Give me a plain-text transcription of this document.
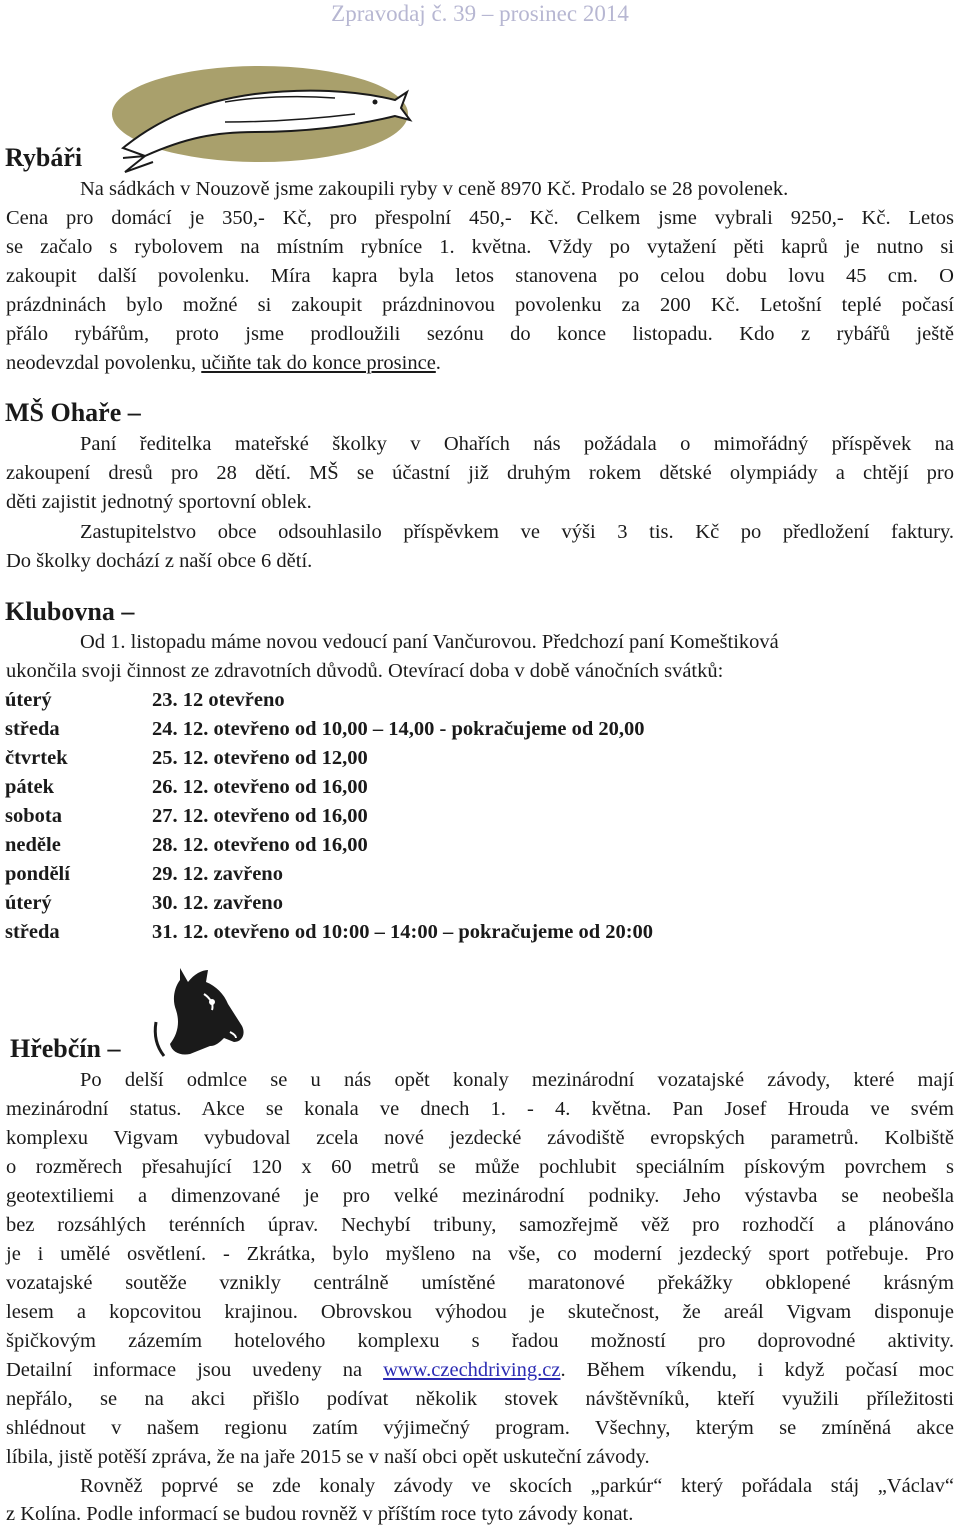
Zpravodaj č. 39 – prosinec 2014
Rybáři
Na sádkách v Nouzově jsme zakoupili ryby v ceně 8970 Kč. Prodalo se 28 povolenek.
Cena pro domácí je 350,- Kč, pro přespolní 450,- Kč. Celkem jsme vybrali 9250,- Kč. Letos
se začalo s rybolovem na místním rybníce 1. května. Vždy po vytažení pěti kaprů je nutno si
zakoupit další povolenku. Míra kapra byla letos stanovena po celou dobu lovu 45 cm. O
prázdninách bylo možné si zakoupit prázdninovou povolenku za 200 Kč. Letošní teplé počasí
přálo rybářům, proto jsme prodloužili sezónu do konce listopadu. Kdo z rybářů ještě
neodevzdal povolenku, učiňte tak do konce prosince.
MŠ Ohaře –
Paní ředitelka mateřské školky v Ohařích nás požádala o mimořádný příspěvek na
zakoupení dresů pro 28 dětí. MŠ se účastní již druhým rokem dětské olympiády a chtějí pro
děti zajistit jednotný sportovní oblek.
Zastupitelstvo obce odsouhlasilo příspěvkem ve výši 3 tis. Kč po předložení faktury.
Do školky dochází z naší obce 6 dětí.
Klubovna –
Od 1. listopadu máme novou vedoucí paní Vančurovou. Předchozí paní Komeštiková
ukončila svoji činnost ze zdravotních důvodů. Otevírací doba v době vánočních svátků:
úterý	23. 12 otevřeno
středa	24. 12. otevřeno od 10,00 – 14,00 - pokračujeme od 20,00
čtvrtek	25. 12. otevřeno od 12,00
pátek	26. 12. otevřeno od 16,00
sobota	27. 12. otevřeno od 16,00
neděle	28. 12. otevřeno od 16,00
pondělí	29. 12. zavřeno
úterý	30. 12. zavřeno
středa	31. 12. otevřeno od 10:00 – 14:00 – pokračujeme od 20:00
Hřebčín –
Po delší odmlce se u nás opět konaly mezinárodní vozatajské závody, které mají
mezinárodní status. Akce se konala ve dnech 1. - 4. května. Pan Josef Hrouda ve svém
komplexu Vigvam vybudoval zcela nové jezdecké závodiště evropských parametrů. Kolbiště
o rozměrech přesahující 120 x 60 metrů se může pochlubit speciálním pískovým povrchem s
geotextiliemi a dimenzované je pro velké mezinárodní podniky. Jeho výstavba se neobešla
bez rozsáhlých terénních úprav. Nechybí tribuny, samozřejmě věž pro rozhodčí a plánováno
je i umělé osvětlení. - Zkrátka, bylo myšleno na vše, co moderní jezdecký sport potřebuje. Pro
vozatajské soutěže vznikly centrálně umístěné maratonové překážky obklopené krásným
lesem a kopcovitou krajinou. Obrovskou výhodou je skutečnost, že areál Vigvam disponuje
špičkovým zázemím hotelového komplexu s řadou možností pro doprovodné aktivity.
Detailní informace jsou uvedeny na www.czechdriving.cz. Během víkendu, i když počasí moc
nepřálo, se na akci přišlo podívat několik stovek návštěvníků, kteří využili příležitosti
shlédnout v našem regionu zatím výjimečný program. Všechny, kterým se zmíněná akce
líbila, jistě potěší zpráva, že na jaře 2015 se v naší obci opět uskuteční závody.
Rovněž poprvé se zde konaly závody ve skocích „parkúr“ který pořádala stáj „Václav“
z Kolína. Podle informací se budou rovněž v příštím roce tyto závody konat.
